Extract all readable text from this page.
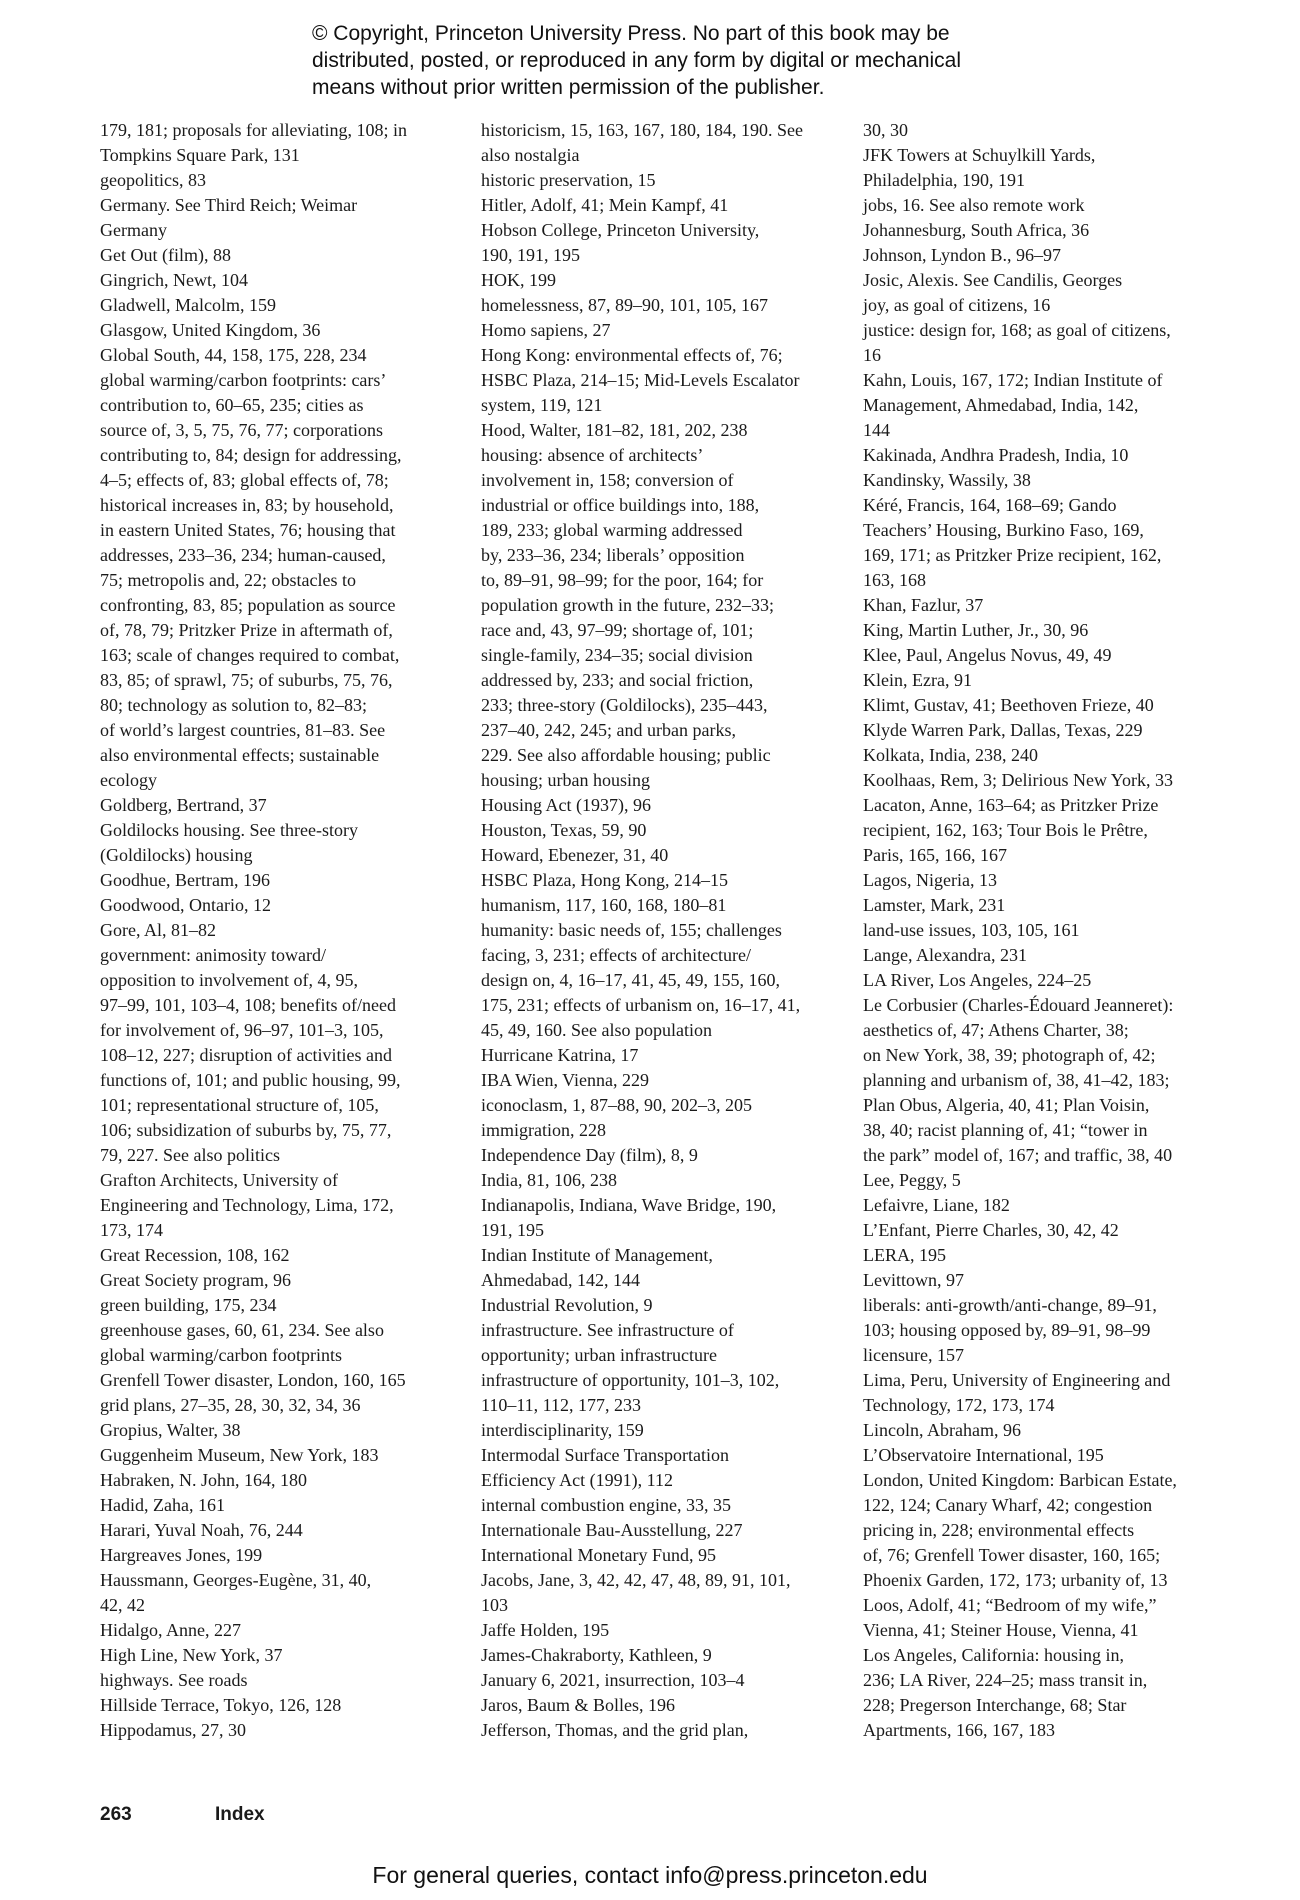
© Copyright, Princeton University Press. No part of this book may be
distributed, posted, or reproduced in any form by digital or mechanical
means without prior written permission of the publisher.
179, 181; proposals for alleviating, 108; in
Tompkins Square Park, 131
geopolitics, 83
Germany. See Third Reich; Weimar
Germany
Get Out (film), 88
Gingrich, Newt, 104
Gladwell, Malcolm, 159
Glasgow, United Kingdom, 36
Global South, 44, 158, 175, 228, 234
global warming/carbon footprints: cars’
contribution to, 60–65, 235; cities as
source of, 3, 5, 75, 76, 77; corporations
contributing to, 84; design for addressing,
4–5; effects of, 83; global effects of, 78;
historical increases in, 83; by household,
in eastern United States, 76; housing that
addresses, 233–36, 234; human-caused,
75; metropolis and, 22; obstacles to
confronting, 83, 85; population as source
of, 78, 79; Pritzker Prize in aftermath of,
163; scale of changes required to combat,
83, 85; of sprawl, 75; of suburbs, 75, 76,
80; technology as solution to, 82–83;
of world’s largest countries, 81–83. See
also environmental effects; sustainable
ecology
Goldberg, Bertrand, 37
Goldilocks housing. See three-story
(Goldilocks) housing
Goodhue, Bertram, 196
Goodwood, Ontario, 12
Gore, Al, 81–82
government: animosity toward/
opposition to involvement of, 4, 95,
97–99, 101, 103–4, 108; benefits of/need
for involvement of, 96–97, 101–3, 105,
108–12, 227; disruption of activities and
functions of, 101; and public housing, 99,
101; representational structure of, 105,
106; subsidization of suburbs by, 75, 77,
79, 227. See also politics
Grafton Architects, University of
Engineering and Technology, Lima, 172,
173, 174
Great Recession, 108, 162
Great Society program, 96
green building, 175, 234
greenhouse gases, 60, 61, 234. See also
global warming/carbon footprints
Grenfell Tower disaster, London, 160, 165
grid plans, 27–35, 28, 30, 32, 34, 36
Gropius, Walter, 38
Guggenheim Museum, New York, 183
Habraken, N. John, 164, 180
Hadid, Zaha, 161
Harari, Yuval Noah, 76, 244
Hargreaves Jones, 199
Haussmann, Georges-Eugène, 31, 40,
42, 42
Hidalgo, Anne, 227
High Line, New York, 37
highways. See roads
Hillside Terrace, Tokyo, 126, 128
Hippodamus, 27, 30
historicism, 15, 163, 167, 180, 184, 190. See
also nostalgia
historic preservation, 15
Hitler, Adolf, 41; Mein Kampf, 41
Hobson College, Princeton University,
190, 191, 195
HOK, 199
homelessness, 87, 89–90, 101, 105, 167
Homo sapiens, 27
Hong Kong: environmental effects of, 76;
HSBC Plaza, 214–15; Mid-Levels Escalator
system, 119, 121
Hood, Walter, 181–82, 181, 202, 238
housing: absence of architects’
involvement in, 158; conversion of
industrial or office buildings into, 188,
189, 233; global warming addressed
by, 233–36, 234; liberals’ opposition
to, 89–91, 98–99; for the poor, 164; for
population growth in the future, 232–33;
race and, 43, 97–99; shortage of, 101;
single-family, 234–35; social division
addressed by, 233; and social friction,
233; three-story (Goldilocks), 235–443,
237–40, 242, 245; and urban parks,
229. See also affordable housing; public
housing; urban housing
Housing Act (1937), 96
Houston, Texas, 59, 90
Howard, Ebenezer, 31, 40
HSBC Plaza, Hong Kong, 214–15
humanism, 117, 160, 168, 180–81
humanity: basic needs of, 155; challenges
facing, 3, 231; effects of architecture/
design on, 4, 16–17, 41, 45, 49, 155, 160,
175, 231; effects of urbanism on, 16–17, 41,
45, 49, 160. See also population
Hurricane Katrina, 17
IBA Wien, Vienna, 229
iconoclasm, 1, 87–88, 90, 202–3, 205
immigration, 228
Independence Day (film), 8, 9
India, 81, 106, 238
Indianapolis, Indiana, Wave Bridge, 190,
191, 195
Indian Institute of Management,
Ahmedabad, 142, 144
Industrial Revolution, 9
infrastructure. See infrastructure of
opportunity; urban infrastructure
infrastructure of opportunity, 101–3, 102,
110–11, 112, 177, 233
interdisciplinarity, 159
Intermodal Surface Transportation
Efficiency Act (1991), 112
internal combustion engine, 33, 35
Internationale Bau-Ausstellung, 227
International Monetary Fund, 95
Jacobs, Jane, 3, 42, 42, 47, 48, 89, 91, 101,
103
Jaffe Holden, 195
James-Chakraborty, Kathleen, 9
January 6, 2021, insurrection, 103–4
Jaros, Baum & Bolles, 196
Jefferson, Thomas, and the grid plan,
30, 30
JFK Towers at Schuylkill Yards,
Philadelphia, 190, 191
jobs, 16. See also remote work
Johannesburg, South Africa, 36
Johnson, Lyndon B., 96–97
Josic, Alexis. See Candilis, Georges
joy, as goal of citizens, 16
justice: design for, 168; as goal of citizens,
16
Kahn, Louis, 167, 172; Indian Institute of
Management, Ahmedabad, India, 142,
144
Kakinada, Andhra Pradesh, India, 10
Kandinsky, Wassily, 38
Kéré, Francis, 164, 168–69; Gando
Teachers’ Housing, Burkino Faso, 169,
169, 171; as Pritzker Prize recipient, 162,
163, 168
Khan, Fazlur, 37
King, Martin Luther, Jr., 30, 96
Klee, Paul, Angelus Novus, 49, 49
Klein, Ezra, 91
Klimt, Gustav, 41; Beethoven Frieze, 40
Klyde Warren Park, Dallas, Texas, 229
Kolkata, India, 238, 240
Koolhaas, Rem, 3; Delirious New York, 33
Lacaton, Anne, 163–64; as Pritzker Prize
recipient, 162, 163; Tour Bois le Prêtre,
Paris, 165, 166, 167
Lagos, Nigeria, 13
Lamster, Mark, 231
land-use issues, 103, 105, 161
Lange, Alexandra, 231
LA River, Los Angeles, 224–25
Le Corbusier (Charles-Édouard Jeanneret):
aesthetics of, 47; Athens Charter, 38;
on New York, 38, 39; photograph of, 42;
planning and urbanism of, 38, 41–42, 183;
Plan Obus, Algeria, 40, 41; Plan Voisin,
38, 40; racist planning of, 41; “tower in
the park” model of, 167; and traffic, 38, 40
Lee, Peggy, 5
Lefaivre, Liane, 182
L’Enfant, Pierre Charles, 30, 42, 42
LERA, 195
Levittown, 97
liberals: anti-growth/anti-change, 89–91,
103; housing opposed by, 89–91, 98–99
licensure, 157
Lima, Peru, University of Engineering and
Technology, 172, 173, 174
Lincoln, Abraham, 96
L’Observatoire International, 195
London, United Kingdom: Barbican Estate,
122, 124; Canary Wharf, 42; congestion
pricing in, 228; environmental effects
of, 76; Grenfell Tower disaster, 160, 165;
Phoenix Garden, 172, 173; urbanity of, 13
Loos, Adolf, 41; “Bedroom of my wife,”
Vienna, 41; Steiner House, Vienna, 41
Los Angeles, California: housing in,
236; LA River, 224–25; mass transit in,
228; Pregerson Interchange, 68; Star
Apartments, 166, 167, 183
263	Index
For general queries, contact info@press.princeton.edu
